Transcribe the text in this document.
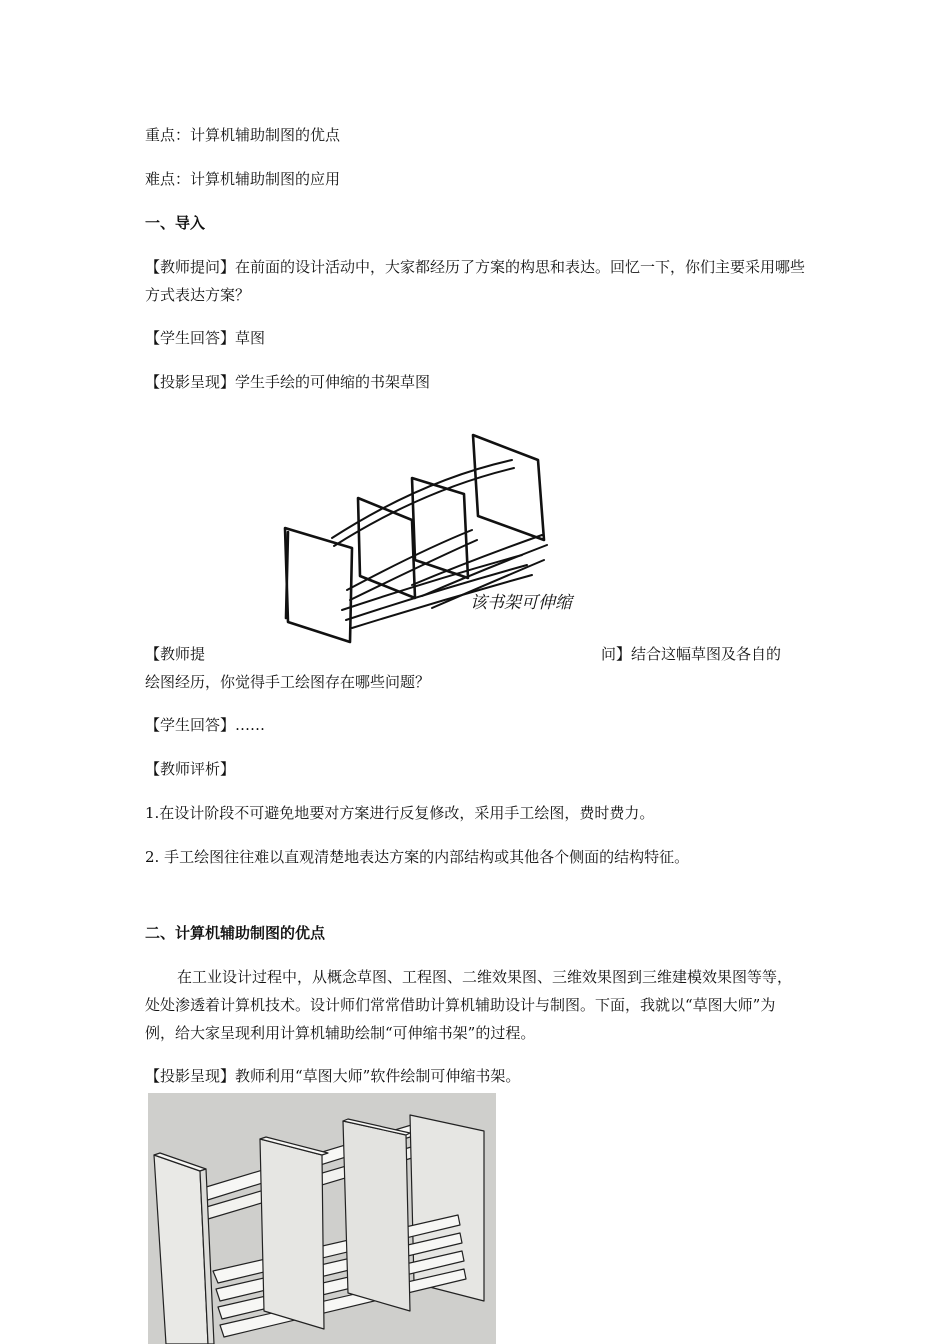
重点：计算机辅助制图的优点

难点：计算机辅助制图的应用

一、导入

【教师提问】在前面的设计活动中，大家都经历了方案的构思和表达。回忆一下，你们主要采用哪些方式表达方案？

【学生回答】草图

【投影呈现】学生手绘的可伸缩的书架草图

该书架可伸缩

【教师提	问】结合这幅草图及各自的

绘图经历，你觉得手工绘图存在哪些问题？

【学生回答】……

【教师评析】

1.在设计阶段不可避免地要对方案进行反复修改，采用手工绘图，费时费力。

2. 手工绘图往往难以直观清楚地表达方案的内部结构或其他各个侧面的结构特征。

二、计算机辅助制图的优点

在工业设计过程中，从概念草图、工程图、二维效果图、三维效果图到三维建模效果图等等，处处渗透着计算机技术。设计师们常常借助计算机辅助设计与制图。下面，我就以“草图大师”为例，给大家呈现利用计算机辅助绘制“可伸缩书架”的过程。

【投影呈现】教师利用“草图大师”软件绘制可伸缩书架。
